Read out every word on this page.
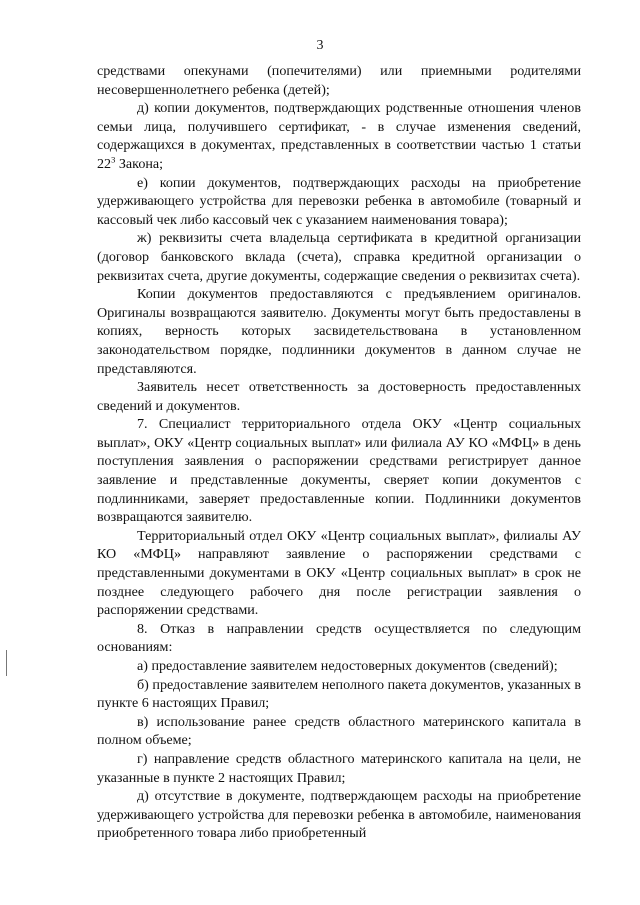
3

средствами опекунами (попечителями) или приемными родителями несовершеннолетнего ребенка (детей);

д) копии документов, подтверждающих родственные отношения членов семьи лица, получившего сертификат, - в случае изменения сведений, содержащихся в документах, представленных в соответствии частью 1 статьи $22^3$ Закона;

е) копии документов, подтверждающих расходы на приобретение удерживающего устройства для перевозки ребенка в автомобиле (товарный и кассовый чек либо кассовый чек с указанием наименования товара);

ж) реквизиты счета владельца сертификата в кредитной организации (договор банковского вклада (счета), справка кредитной организации о реквизитах счета, другие документы, содержащие сведения о реквизитах счета).

Копии документов предоставляются с предъявлением оригиналов. Оригиналы возвращаются заявителю. Документы могут быть предоставлены в копиях, верность которых засвидетельствована в установленном законодательством порядке, подлинники документов в данном случае не представляются.

Заявитель несет ответственность за достоверность предоставленных сведений и документов.

7. Специалист территориального отдела ОКУ «Центр социальных выплат», ОКУ «Центр социальных выплат» или филиала АУ КО «МФЦ» в день поступления заявления о распоряжении средствами регистрирует данное заявление и представленные документы, сверяет копии документов с подлинниками, заверяет предоставленные копии. Подлинники документов возвращаются заявителю.

Территориальный отдел ОКУ «Центр социальных выплат», филиалы АУ КО «МФЦ» направляют заявление о распоряжении средствами с представленными документами в ОКУ «Центр социальных выплат» в срок не позднее следующего рабочего дня после регистрации заявления о распоряжении средствами.

8. Отказ в направлении средств осуществляется по следующим основаниям:

а) предоставление заявителем недостоверных документов (сведений);

б) предоставление заявителем неполного пакета документов, указанных в пункте 6 настоящих Правил;

в) использование ранее средств областного материнского капитала в полном объеме;

г) направление средств областного материнского капитала на цели, не указанные в пункте 2 настоящих Правил;

д) отсутствие в документе, подтверждающем расходы на приобретение удерживающего устройства для перевозки ребенка в автомобиле, наименования приобретенного товара либо приобретенный
